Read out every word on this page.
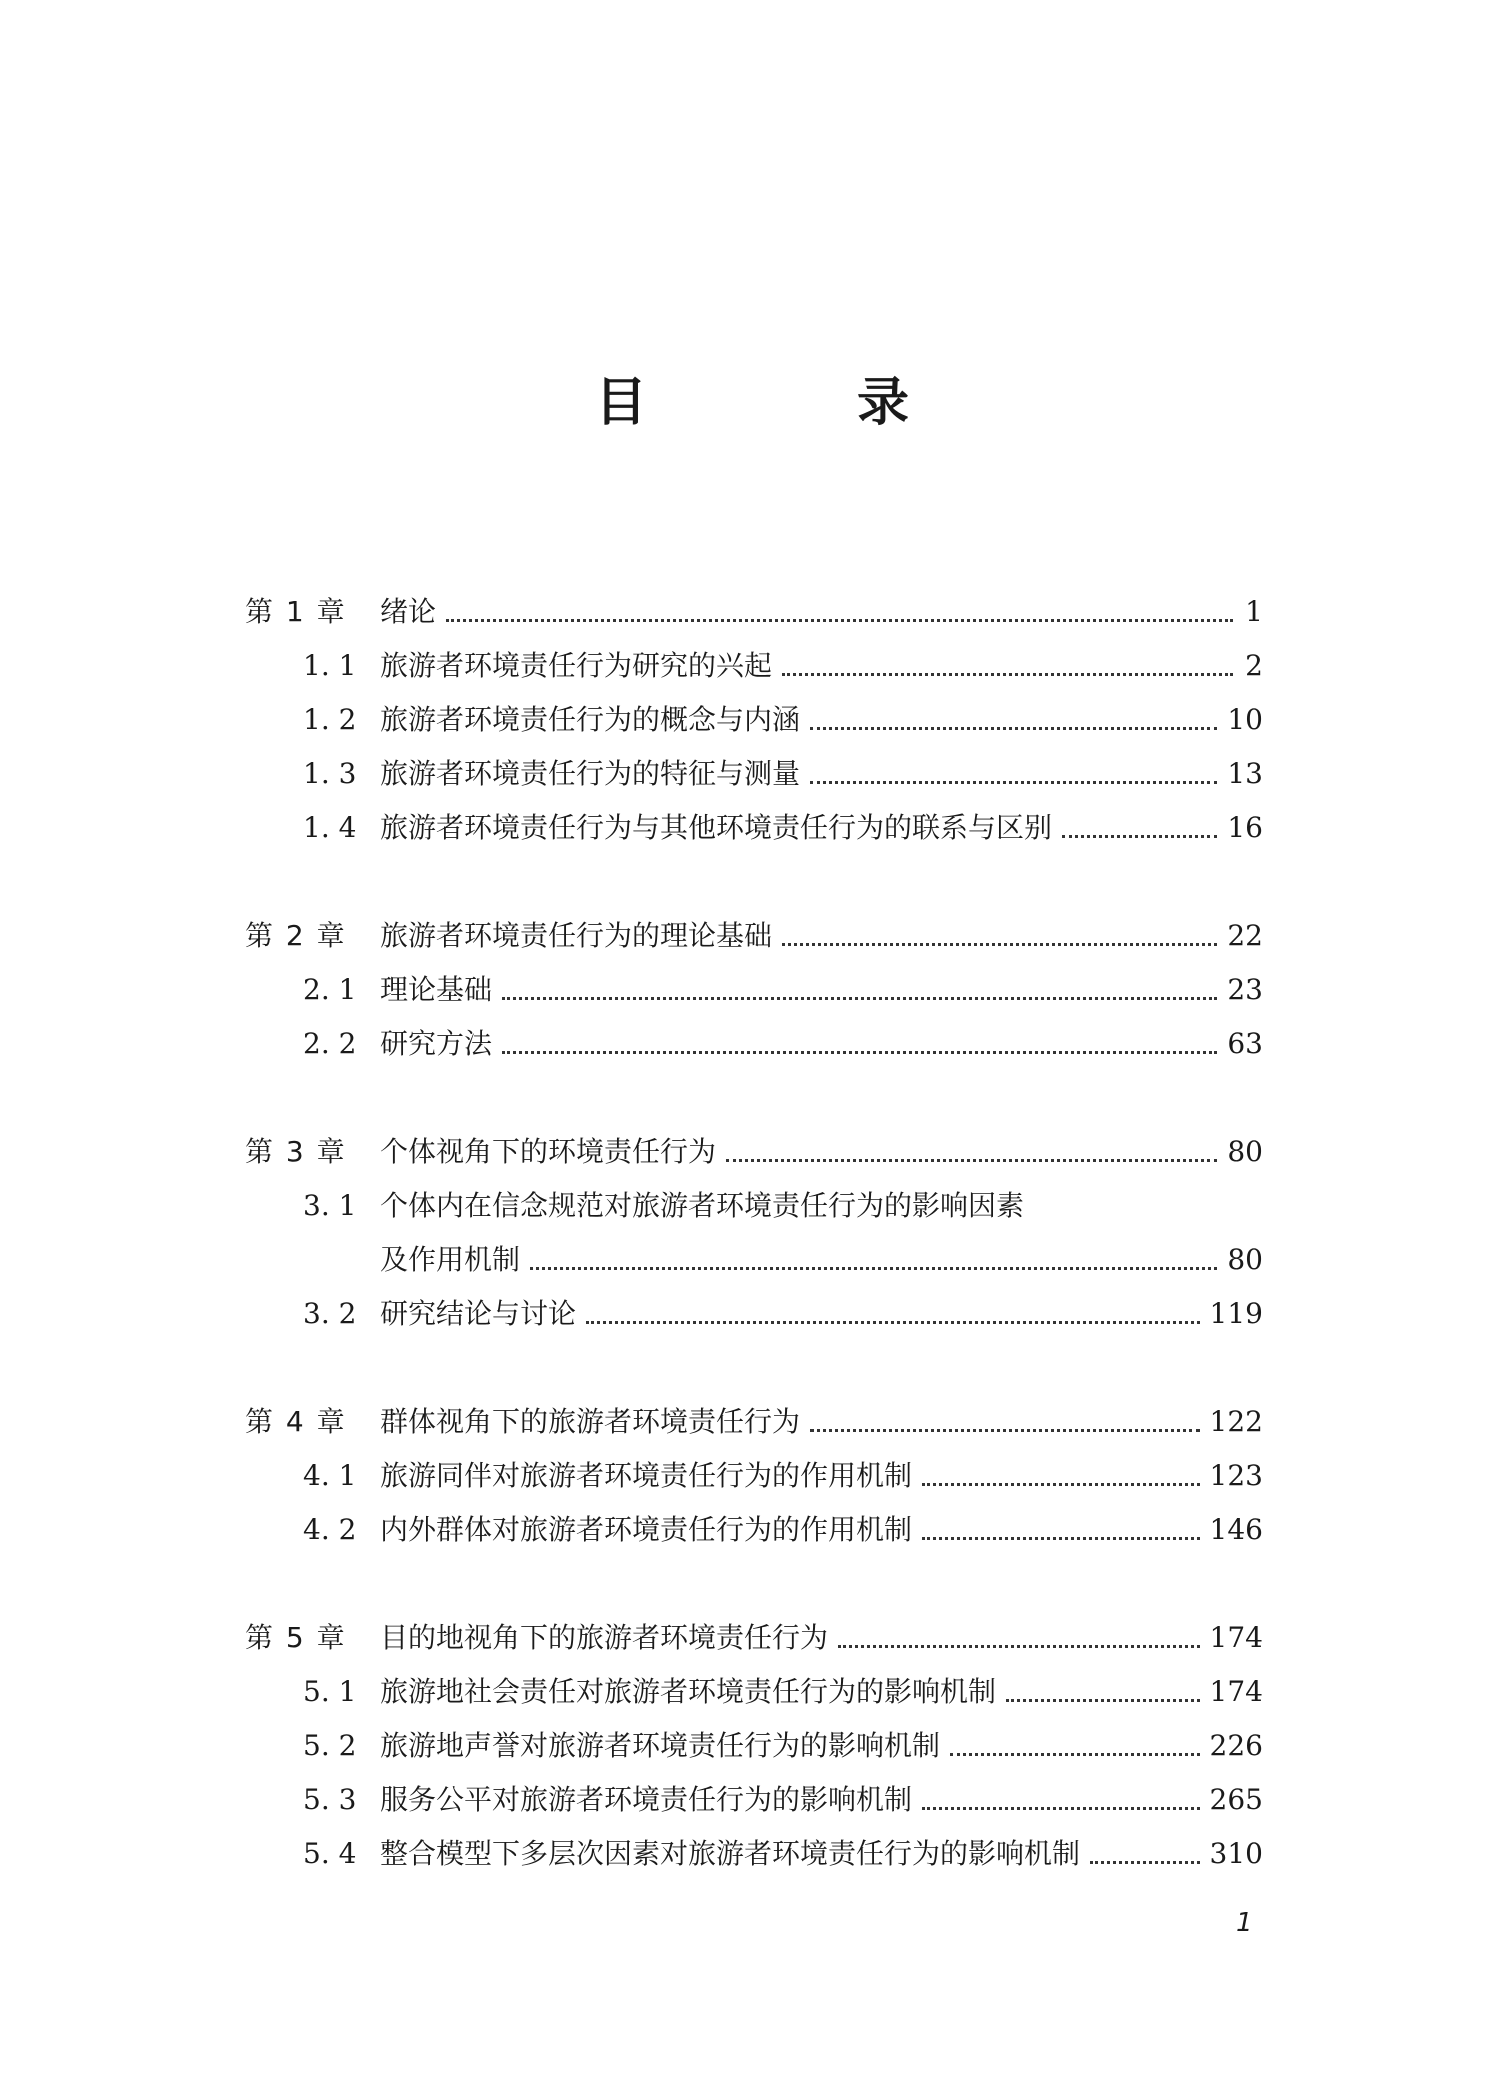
目 录
第 1 章	绪论	1
1. 1 旅游者环境责任行为研究的兴起	2
1. 2 旅游者环境责任行为的概念与内涵	10
1. 3 旅游者环境责任行为的特征与测量	13
1. 4 旅游者环境责任行为与其他环境责任行为的联系与区别	16
第 2 章	旅游者环境责任行为的理论基础	22
2. 1 理论基础	23
2. 2 研究方法	63
第 3 章	个体视角下的环境责任行为	80
3. 1 个体内在信念规范对旅游者环境责任行为的影响因素
及作用机制	80
3. 2 研究结论与讨论	119
第 4 章	群体视角下的旅游者环境责任行为	122
4. 1 旅游同伴对旅游者环境责任行为的作用机制	123
4. 2 内外群体对旅游者环境责任行为的作用机制	146
第 5 章	目的地视角下的旅游者环境责任行为	174
5. 1 旅游地社会责任对旅游者环境责任行为的影响机制	174
5. 2 旅游地声誉对旅游者环境责任行为的影响机制	226
5. 3 服务公平对旅游者环境责任行为的影响机制	265
5. 4 整合模型下多层次因素对旅游者环境责任行为的影响机制	310
1
